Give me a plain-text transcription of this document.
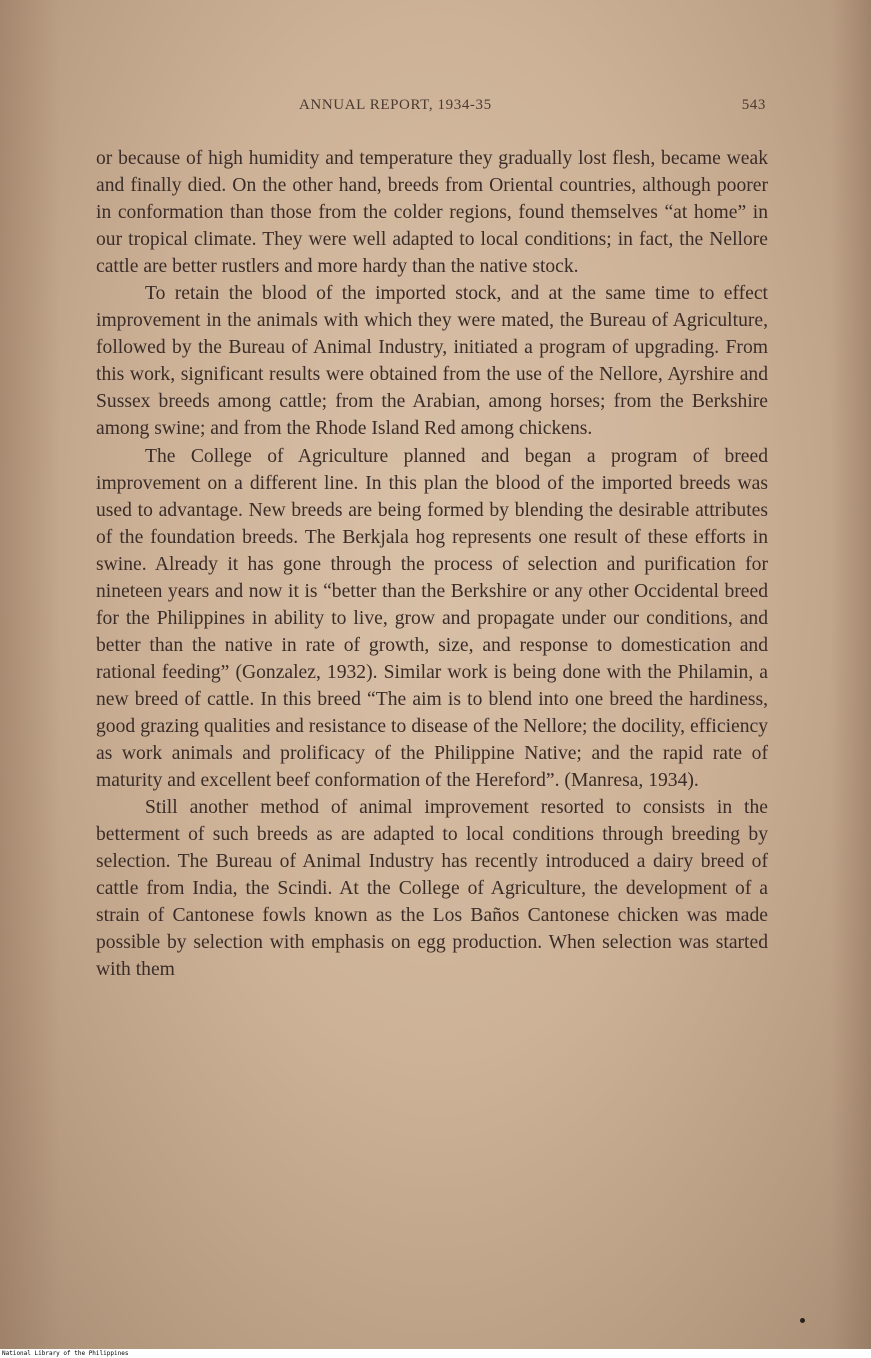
ANNUAL REPORT, 1934-35	543

or because of high humidity and temperature they gradually lost flesh, became weak and finally died. On the other hand, breeds from Oriental countries, although poorer in conformation than those from the colder regions, found themselves “at home” in our tropical climate. They were well adapted to local conditions; in fact, the Nellore cattle are better rustlers and more hardy than the native stock.

To retain the blood of the imported stock, and at the same time to effect improvement in the animals with which they were mated, the Bureau of Agriculture, followed by the Bureau of Animal Industry, initiated a program of upgrading. From this work, significant results were obtained from the use of the Nellore, Ayrshire and Sussex breeds among cattle; from the Arabian, among horses; from the Berkshire among swine; and from the Rhode Island Red among chickens.

The College of Agriculture planned and began a program of breed improvement on a different line. In this plan the blood of the imported breeds was used to advantage. New breeds are being formed by blending the desirable attributes of the foundation breeds. The Berkjala hog represents one result of these efforts in swine. Already it has gone through the process of selection and purification for nineteen years and now it is “better than the Berkshire or any other Occidental breed for the Philippines in ability to live, grow and propagate under our conditions, and better than the native in rate of growth, size, and response to domestication and rational feeding” (Gonzalez, 1932). Similar work is being done with the Philamin, a new breed of cattle. In this breed “The aim is to blend into one breed the hardiness, good grazing qualities and resistance to disease of the Nellore; the docility, efficiency as work animals and prolificacy of the Philippine Native; and the rapid rate of maturity and excellent beef conformation of the Hereford”. (Manresa, 1934).

Still another method of animal improvement resorted to consists in the betterment of such breeds as are adapted to local conditions through breeding by selection. The Bureau of Animal Industry has recently introduced a dairy breed of cattle from India, the Scindi. At the College of Agriculture, the development of a strain of Cantonese fowls known as the Los Baños Cantonese chicken was made possible by selection with emphasis on egg production. When selection was started with them

National Library of the Philippines
